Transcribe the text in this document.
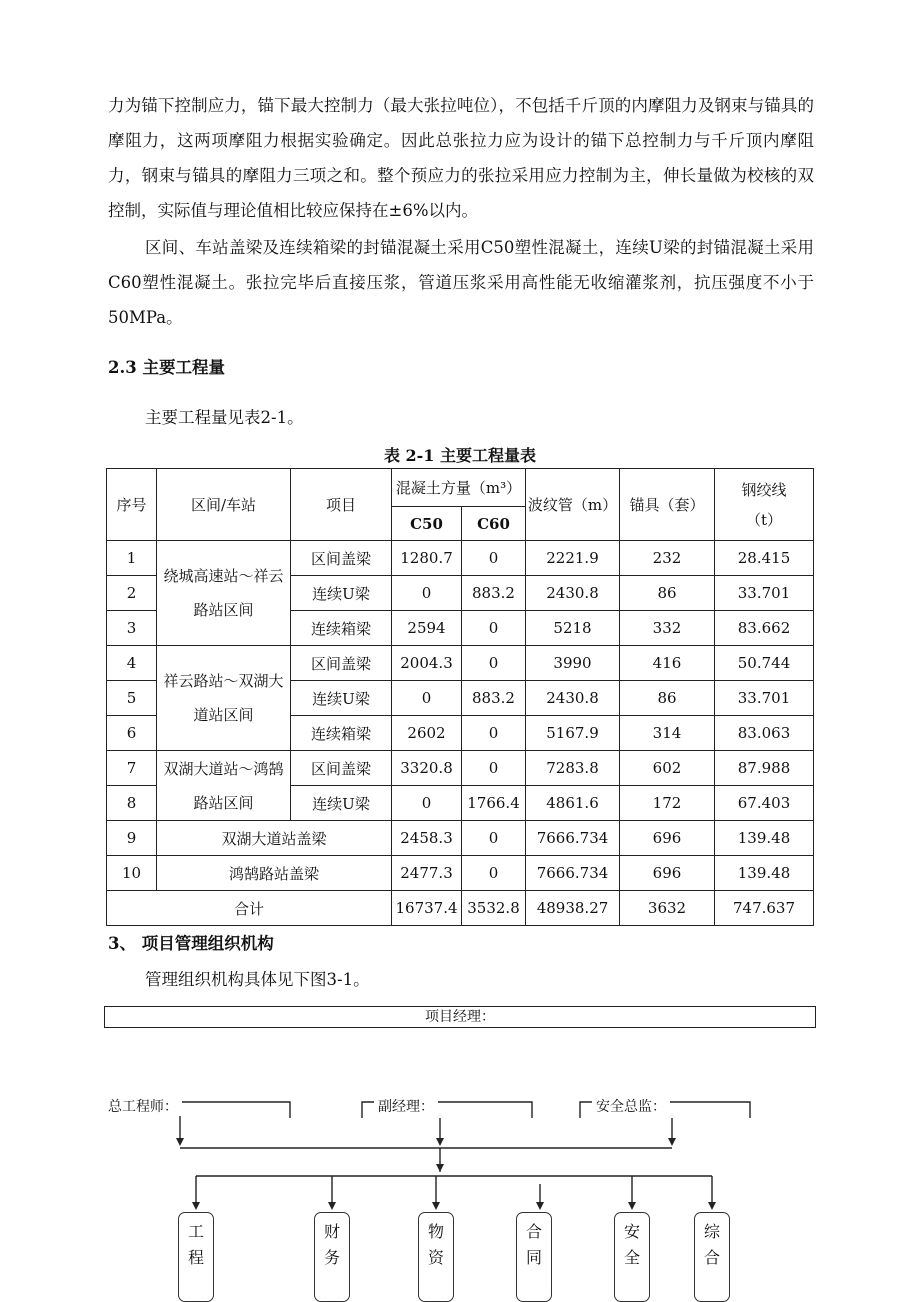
力为锚下控制应力，锚下最大控制力（最大张拉吨位），不包括千斤顶的内摩阻力及钢束与锚具的摩阻力，这两项摩阻力根据实验确定。因此总张拉力应为设计的锚下总控制力与千斤顶内摩阻力，钢束与锚具的摩阻力三项之和。整个预应力的张拉采用应力控制为主，伸长量做为校核的双控制，实际值与理论值相比较应保持在±6%以内。

区间、车站盖梁及连续箱梁的封锚混凝土采用C50塑性混凝土，连续U梁的封锚混凝土采用C60塑性混凝土。张拉完毕后直接压浆，管道压浆采用高性能无收缩灌浆剂，抗压强度不小于50MPa。

2.3 主要工程量

主要工程量见表2-1。

表 2-1 主要工程量表
序号	区间/车站	项目	混凝土方量（m³）		波纹管（m）	锚具（套）	钢绞线
（t）

			C50	C60			
1	绕城高速站～祥云路站区间	区间盖梁	1280.7	0	2221.9	232	28.415
2		连续U梁	0	883.2	2430.8	86	33.701
3		连续箱梁	2594	0	5218	332	83.662
4	祥云路站～双湖大道站区间	区间盖梁	2004.3	0	3990	416	50.744
5		连续U梁	0	883.2	2430.8	86	33.701
6		连续箱梁	2602	0	5167.9	314	83.063
7	双湖大道站～鸿鹄路站区间	区间盖梁	3320.8	0	7283.8	602	87.988
8		连续U梁	0	1766.4	4861.6	172	67.403
9	双湖大道站盖梁		2458.3	0	7666.734	696	139.48
10	鸿鹄路站盖梁		2477.3	0	7666.734	696	139.48
合计			16737.4	3532.8	48938.27	3632	747.637
3、 项目管理组织机构

管理组织机构具体见下图3-1。

项目经理：
总工程师：	副经理：	安全总监：
工程
财务
物资
合同
安全
综合
